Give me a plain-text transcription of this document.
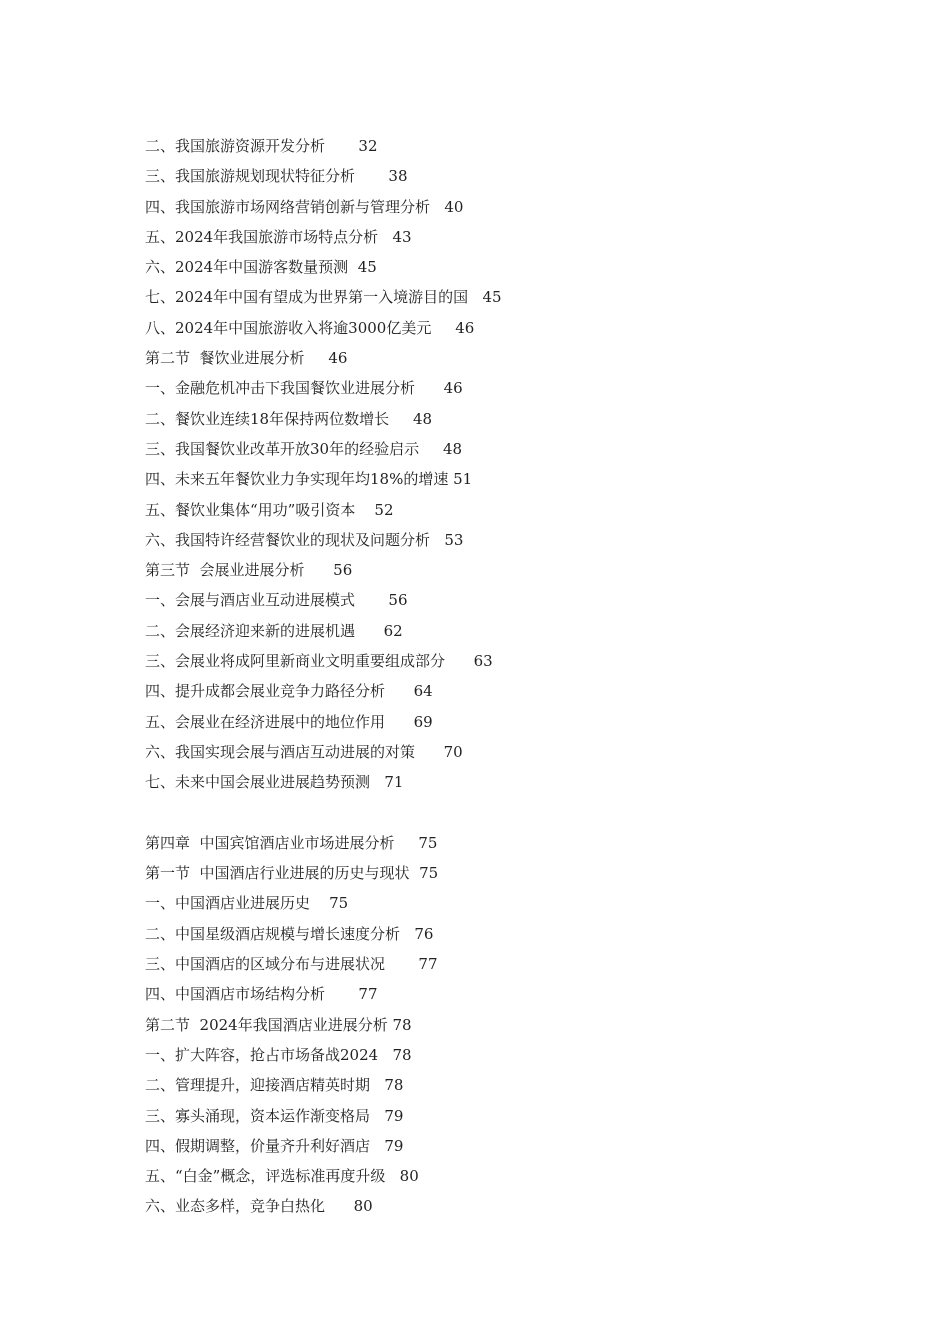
二、我国旅游资源开发分析 32
三、我国旅游规划现状特征分析 38
四、我国旅游市场网络营销创新与管理分析 40
五、2024年我国旅游市场特点分析 43
六、2024年中国游客数量预测 45
七、2024年中国有望成为世界第一入境游目的国 45
八、2024年中国旅游收入将逾3000亿美元 46
第二节  餐饮业进展分析 46
一、金融危机冲击下我国餐饮业进展分析 46
二、餐饮业连续18年保持两位数增长 48
三、我国餐饮业改革开放30年的经验启示 48
四、未来五年餐饮业力争实现年均18%的增速 51
五、餐饮业集体“用功”吸引资本 52
六、我国特许经营餐饮业的现状及问题分析 53
第三节  会展业进展分析 56
一、会展与酒店业互动进展模式 56
二、会展经济迎来新的进展机遇 62
三、会展业将成阿里新商业文明重要组成部分 63
四、提升成都会展业竞争力路径分析 64
五、会展业在经济进展中的地位作用 69
六、我国实现会展与酒店互动进展的对策 70
七、未来中国会展业进展趋势预测 71
第四章  中国宾馆酒店业市场进展分析 75
第一节  中国酒店行业进展的历史与现状 75
一、中国酒店业进展历史 75
二、中国星级酒店规模与增长速度分析 76
三、中国酒店的区域分布与进展状况 77
四、中国酒店市场结构分析 77
第二节  2024年我国酒店业进展分析 78
一、扩大阵容，抢占市场备战2024 78
二、管理提升，迎接酒店精英时期 78
三、寡头涌现，资本运作渐变格局 79
四、假期调整，价量齐升利好酒店 79
五、“白金”概念，评选标准再度升级 80
六、业态多样，竞争白热化 80
